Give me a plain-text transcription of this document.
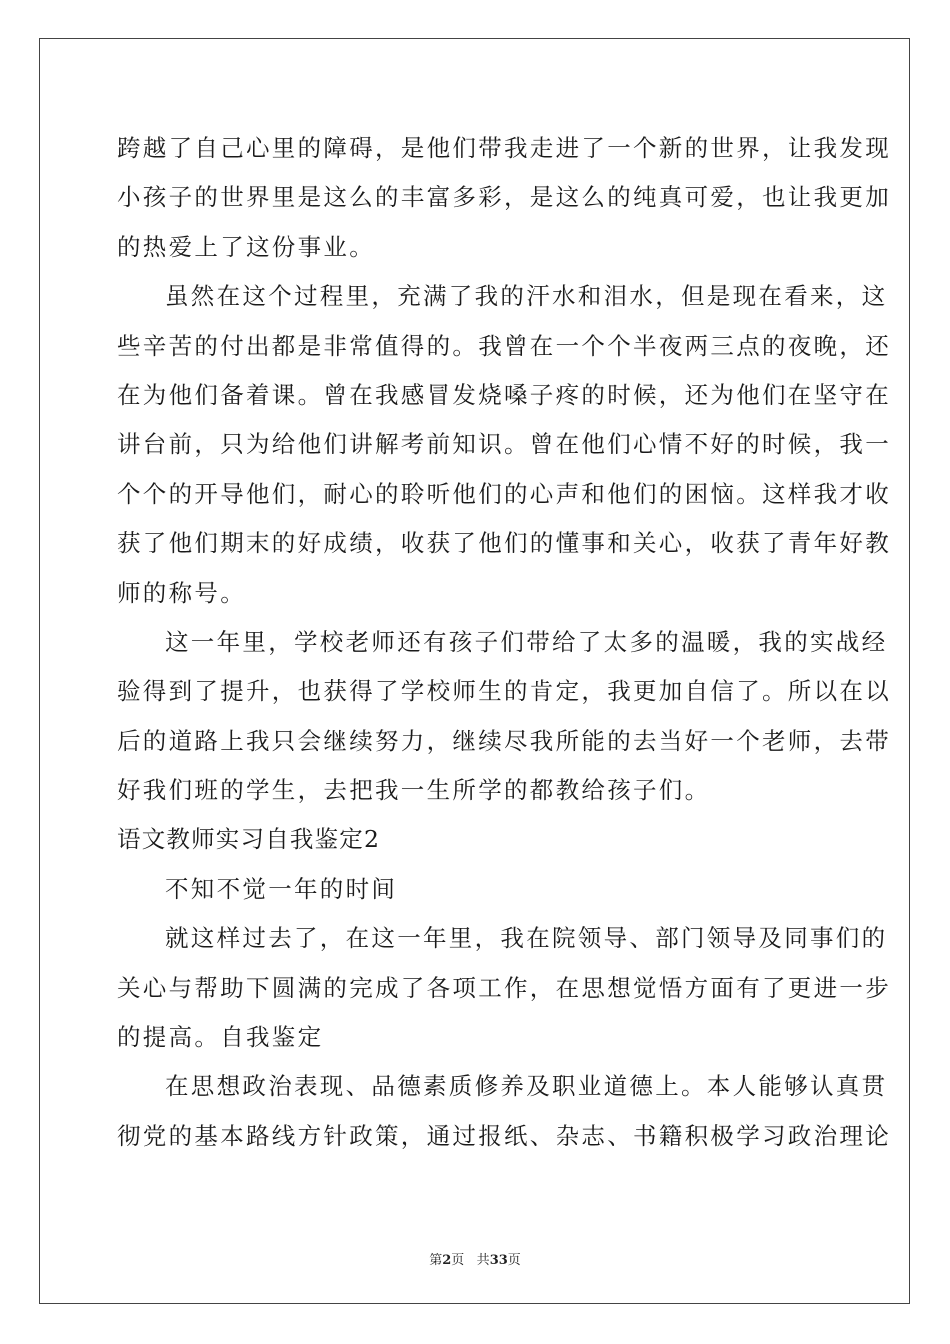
跨越了自己心里的障碍，是他们带我走进了一个新的世界，让我发现
小孩子的世界里是这么的丰富多彩，是这么的纯真可爱，也让我更加
的热爱上了这份事业。
虽然在这个过程里，充满了我的汗水和泪水，但是现在看来，这
些辛苦的付出都是非常值得的。我曾在一个个半夜两三点的夜晚，还
在为他们备着课。曾在我感冒发烧嗓子疼的时候，还为他们在坚守在
讲台前，只为给他们讲解考前知识。曾在他们心情不好的时候，我一
个个的开导他们，耐心的聆听他们的心声和他们的困恼。这样我才收
获了他们期末的好成绩，收获了他们的懂事和关心，收获了青年好教
师的称号。
这一年里，学校老师还有孩子们带给了太多的温暖，我的实战经
验得到了提升，也获得了学校师生的肯定，我更加自信了。所以在以
后的道路上我只会继续努力，继续尽我所能的去当好一个老师，去带
好我们班的学生，去把我一生所学的都教给孩子们。
语文教师实习自我鉴定2
不知不觉一年的时间
就这样过去了，在这一年里，我在院领导、部门领导及同事们的
关心与帮助下圆满的完成了各项工作，在思想觉悟方面有了更进一步
的提高。自我鉴定
在思想政治表现、品德素质修养及职业道德上。本人能够认真贯
彻党的基本路线方针政策，通过报纸、杂志、书籍积极学习政治理论
第2页 共33页
